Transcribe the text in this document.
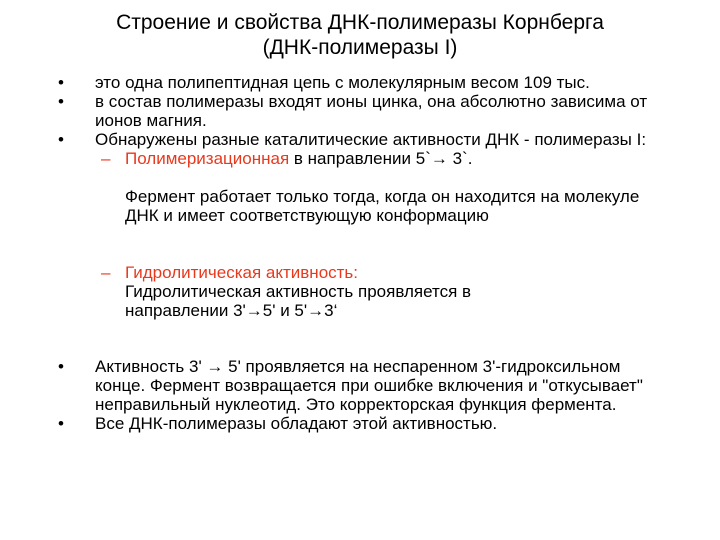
Строение и свойства ДНК-полимеразы Корнберга
(ДНК-полимеразы I)

• это одна полипептидная цепь с молекулярным весом 109 тыс.

• в состав полимеразы входят ионы цинка, она абсолютно зависима от ионов магния.

• Обнаружены разные каталитические активности ДНК - полимеразы I:

– Полимеризационная в направлении 5`→ 3`.

Фермент работает только тогда, когда он находится на молекуле ДНК и имеет соответствующую конформацию

– Гидролитическая активность:
Гидролитическая активность проявляется в направлении 3'→5' и 5'→3‘

• Активность 3' → 5' проявляется на неспаренном 3'-гидроксильном конце. Фермент возвращается при ошибке включения и "откусывает" неправильный нуклеотид. Это корректорская функция фермента.

• Все ДНК-полимеразы обладают этой активностью.
